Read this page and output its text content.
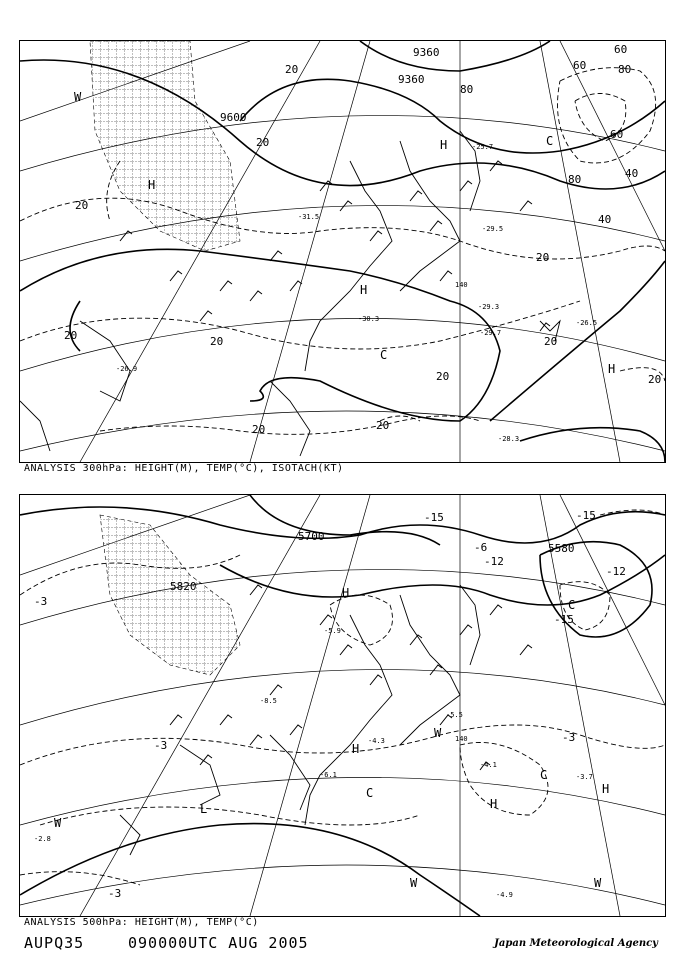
9360
9360
9600
20
20
20
20
20	20	20
20
20	20
20
40
40
60
60
60
80
80
80
H
H
H
H
C
C
W
-25.7
-29.3
-29.7
-30.3	-26.5
-31.5
-29.5
-26.9
-28.3
140
ANALYSIS 300hPa: HEIGHT(M), TEMP(°C), ISOTACH(KT)
5700
5820
5580
-3
-3
-3
-3
-6
-12
-12
-15
-15
-15
H
H
H
H
C
C
C
W
W	W
W
L
-5.5
-4.1
-3.7
-6.1
-4.3
-8.5
-5.9
-2.8
-4.9
140
ANALYSIS 500hPa: HEIGHT(M), TEMP(°C)
AUPQ35	090000UTC AUG 2005	Japan Meteorological Agency
